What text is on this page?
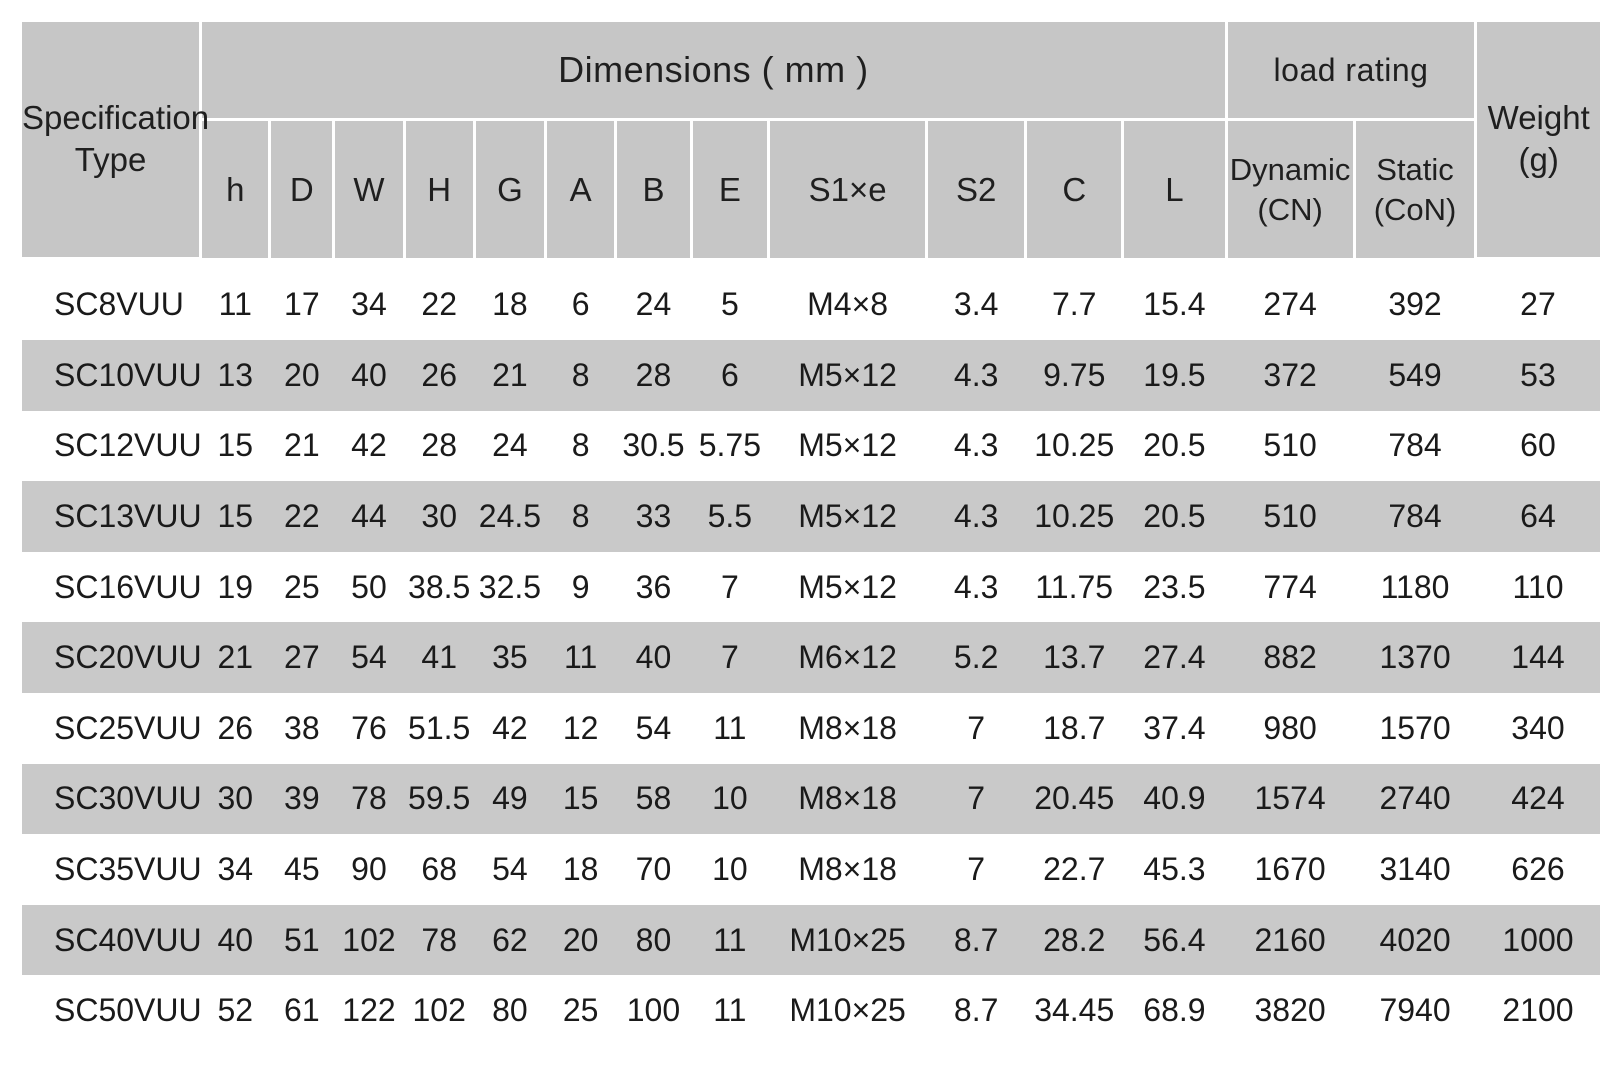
Specification Type	Dimensions ( mm )												load rating		Weight (g)
	h	D	W	H	G	A	B	E	S1×e	S2	C	L	Dynamic (CN)	Static (CoN)	
SC8VUU	11	17	34	22	18	6	24	5	M4×8	3.4	7.7	15.4	274	392	27
SC10VUU	13	20	40	26	21	8	28	6	M5×12	4.3	9.75	19.5	372	549	53
SC12VUU	15	21	42	28	24	8	30.5	5.75	M5×12	4.3	10.25	20.5	510	784	60
SC13VUU	15	22	44	30	24.5	8	33	5.5	M5×12	4.3	10.25	20.5	510	784	64
SC16VUU	19	25	50	38.5	32.5	9	36	7	M5×12	4.3	11.75	23.5	774	1180	110
SC20VUU	21	27	54	41	35	11	40	7	M6×12	5.2	13.7	27.4	882	1370	144
SC25VUU	26	38	76	51.5	42	12	54	11	M8×18	7	18.7	37.4	980	1570	340
SC30VUU	30	39	78	59.5	49	15	58	10	M8×18	7	20.45	40.9	1574	2740	424
SC35VUU	34	45	90	68	54	18	70	10	M8×18	7	22.7	45.3	1670	3140	626
SC40VUU	40	51	102	78	62	20	80	11	M10×25	8.7	28.2	56.4	2160	4020	1000
SC50VUU	52	61	122	102	80	25	100	11	M10×25	8.7	34.45	68.9	3820	7940	2100
